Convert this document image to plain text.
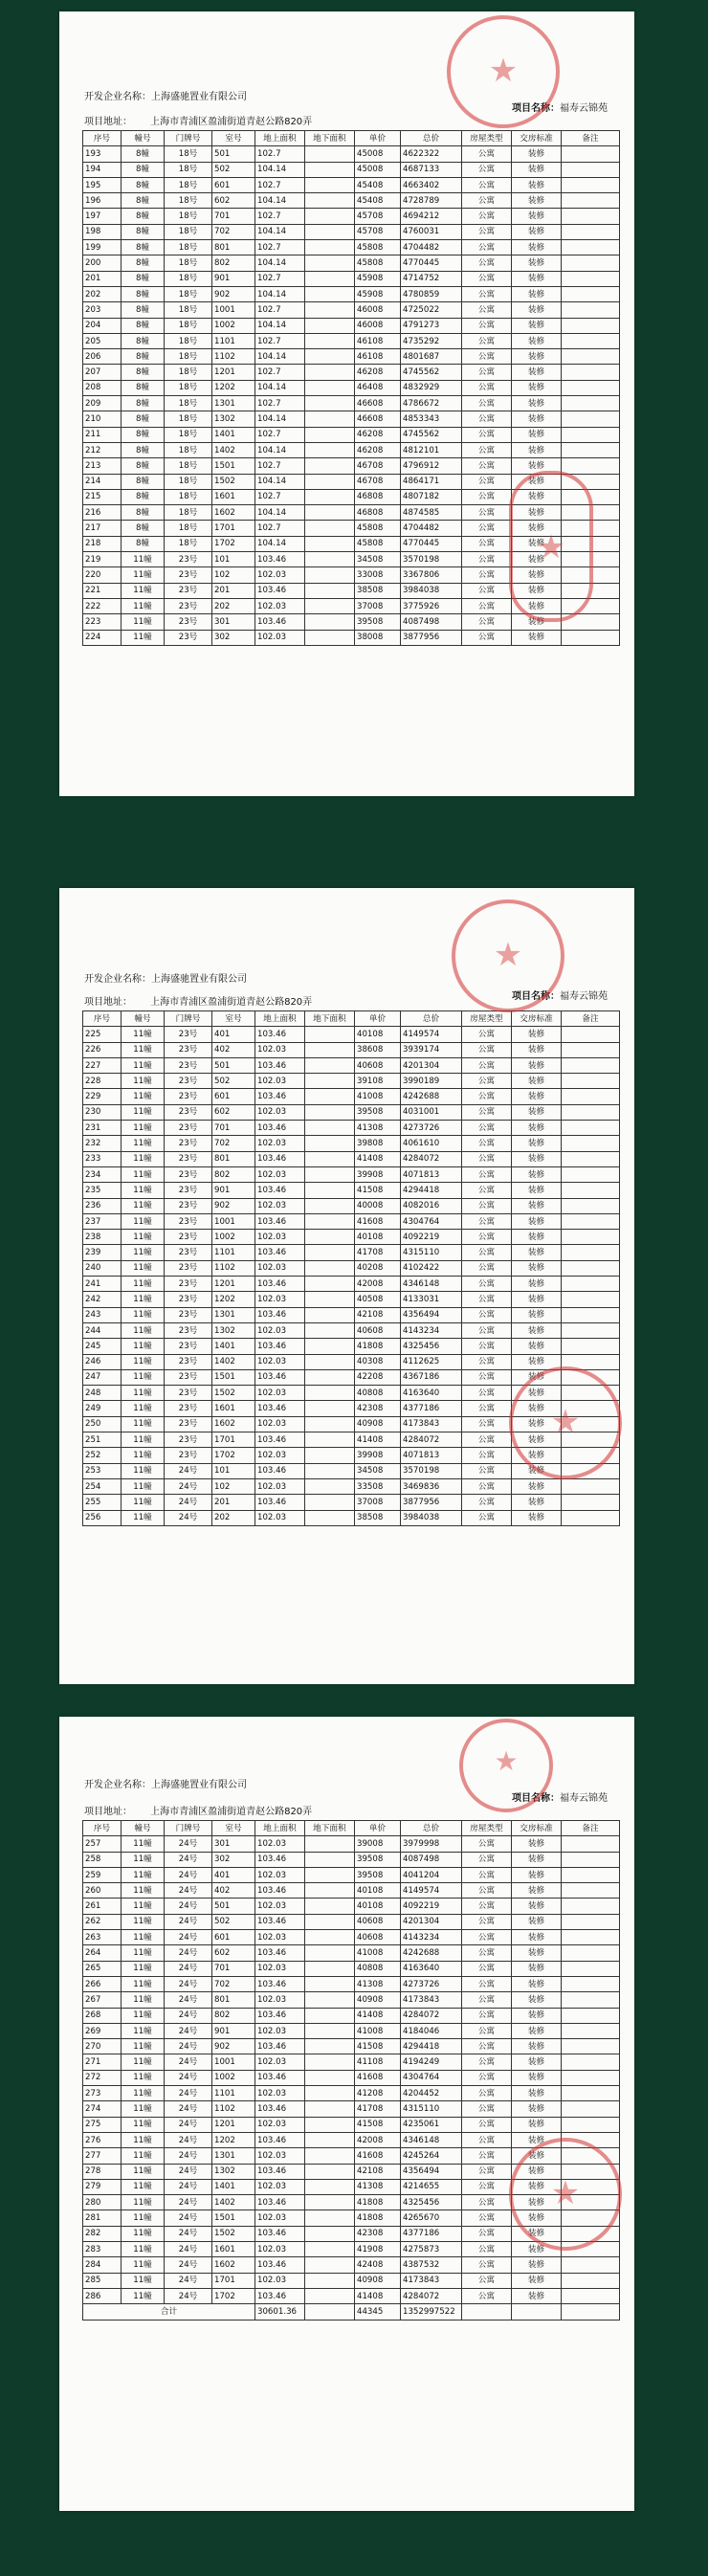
开发企业名称：上海盛驰置业有限公司
项目名称：福寿云锦苑
项目地址： 上海市青浦区盈浦街道青赵公路820弄
序号	幢号	门牌号	室号	地上面积	地下面积	单价	总价	房屋类型	交房标准	备注
193	8幢	18号	501	102.7		45008	4622322	公寓	装修	
194	8幢	18号	502	104.14		45008	4687133	公寓	装修	
195	8幢	18号	601	102.7		45408	4663402	公寓	装修	
196	8幢	18号	602	104.14		45408	4728789	公寓	装修	
197	8幢	18号	701	102.7		45708	4694212	公寓	装修	
198	8幢	18号	702	104.14		45708	4760031	公寓	装修	
199	8幢	18号	801	102.7		45808	4704482	公寓	装修	
200	8幢	18号	802	104.14		45808	4770445	公寓	装修	
201	8幢	18号	901	102.7		45908	4714752	公寓	装修	
202	8幢	18号	902	104.14		45908	4780859	公寓	装修	
203	8幢	18号	1001	102.7		46008	4725022	公寓	装修	
204	8幢	18号	1002	104.14		46008	4791273	公寓	装修	
205	8幢	18号	1101	102.7		46108	4735292	公寓	装修	
206	8幢	18号	1102	104.14		46108	4801687	公寓	装修	
207	8幢	18号	1201	102.7		46208	4745562	公寓	装修	
208	8幢	18号	1202	104.14		46408	4832929	公寓	装修	
209	8幢	18号	1301	102.7		46608	4786672	公寓	装修	
210	8幢	18号	1302	104.14		46608	4853343	公寓	装修	
211	8幢	18号	1401	102.7		46208	4745562	公寓	装修	
212	8幢	18号	1402	104.14		46208	4812101	公寓	装修	
213	8幢	18号	1501	102.7		46708	4796912	公寓	装修	
214	8幢	18号	1502	104.14		46708	4864171	公寓	装修	
215	8幢	18号	1601	102.7		46808	4807182	公寓	装修	
216	8幢	18号	1602	104.14		46808	4874585	公寓	装修	
217	8幢	18号	1701	102.7		45808	4704482	公寓	装修	
218	8幢	18号	1702	104.14		45808	4770445	公寓	装修	
219	11幢	23号	101	103.46		34508	3570198	公寓	装修	
220	11幢	23号	102	102.03		33008	3367806	公寓	装修	
221	11幢	23号	201	103.46		38508	3984038	公寓	装修	
222	11幢	23号	202	102.03		37008	3775926	公寓	装修	
223	11幢	23号	301	103.46		39508	4087498	公寓	装修	
224	11幢	23号	302	102.03		38008	3877956	公寓	装修	
★
★
开发企业名称：上海盛驰置业有限公司
项目名称：福寿云锦苑
项目地址： 上海市青浦区盈浦街道青赵公路820弄
序号	幢号	门牌号	室号	地上面积	地下面积	单价	总价	房屋类型	交房标准	备注
225	11幢	23号	401	103.46		40108	4149574	公寓	装修	
226	11幢	23号	402	102.03		38608	3939174	公寓	装修	
227	11幢	23号	501	103.46		40608	4201304	公寓	装修	
228	11幢	23号	502	102.03		39108	3990189	公寓	装修	
229	11幢	23号	601	103.46		41008	4242688	公寓	装修	
230	11幢	23号	602	102.03		39508	4031001	公寓	装修	
231	11幢	23号	701	103.46		41308	4273726	公寓	装修	
232	11幢	23号	702	102.03		39808	4061610	公寓	装修	
233	11幢	23号	801	103.46		41408	4284072	公寓	装修	
234	11幢	23号	802	102.03		39908	4071813	公寓	装修	
235	11幢	23号	901	103.46		41508	4294418	公寓	装修	
236	11幢	23号	902	102.03		40008	4082016	公寓	装修	
237	11幢	23号	1001	103.46		41608	4304764	公寓	装修	
238	11幢	23号	1002	102.03		40108	4092219	公寓	装修	
239	11幢	23号	1101	103.46		41708	4315110	公寓	装修	
240	11幢	23号	1102	102.03		40208	4102422	公寓	装修	
241	11幢	23号	1201	103.46		42008	4346148	公寓	装修	
242	11幢	23号	1202	102.03		40508	4133031	公寓	装修	
243	11幢	23号	1301	103.46		42108	4356494	公寓	装修	
244	11幢	23号	1302	102.03		40608	4143234	公寓	装修	
245	11幢	23号	1401	103.46		41808	4325456	公寓	装修	
246	11幢	23号	1402	102.03		40308	4112625	公寓	装修	
247	11幢	23号	1501	103.46		42208	4367186	公寓	装修	
248	11幢	23号	1502	102.03		40808	4163640	公寓	装修	
249	11幢	23号	1601	103.46		42308	4377186	公寓	装修	
250	11幢	23号	1602	102.03		40908	4173843	公寓	装修	
251	11幢	23号	1701	103.46		41408	4284072	公寓	装修	
252	11幢	23号	1702	102.03		39908	4071813	公寓	装修	
253	11幢	24号	101	103.46		34508	3570198	公寓	装修	
254	11幢	24号	102	102.03		33508	3469836	公寓	装修	
255	11幢	24号	201	103.46		37008	3877956	公寓	装修	
256	11幢	24号	202	102.03		38508	3984038	公寓	装修	
★
★
开发企业名称：上海盛驰置业有限公司
项目名称：福寿云锦苑
项目地址： 上海市青浦区盈浦街道青赵公路820弄
序号	幢号	门牌号	室号	地上面积	地下面积	单价	总价	房屋类型	交房标准	备注
257	11幢	24号	301	102.03		39008	3979998	公寓	装修	
258	11幢	24号	302	103.46		39508	4087498	公寓	装修	
259	11幢	24号	401	102.03		39508	4041204	公寓	装修	
260	11幢	24号	402	103.46		40108	4149574	公寓	装修	
261	11幢	24号	501	102.03		40108	4092219	公寓	装修	
262	11幢	24号	502	103.46		40608	4201304	公寓	装修	
263	11幢	24号	601	102.03		40608	4143234	公寓	装修	
264	11幢	24号	602	103.46		41008	4242688	公寓	装修	
265	11幢	24号	701	102.03		40808	4163640	公寓	装修	
266	11幢	24号	702	103.46		41308	4273726	公寓	装修	
267	11幢	24号	801	102.03		40908	4173843	公寓	装修	
268	11幢	24号	802	103.46		41408	4284072	公寓	装修	
269	11幢	24号	901	102.03		41008	4184046	公寓	装修	
270	11幢	24号	902	103.46		41508	4294418	公寓	装修	
271	11幢	24号	1001	102.03		41108	4194249	公寓	装修	
272	11幢	24号	1002	103.46		41608	4304764	公寓	装修	
273	11幢	24号	1101	102.03		41208	4204452	公寓	装修	
274	11幢	24号	1102	103.46		41708	4315110	公寓	装修	
275	11幢	24号	1201	102.03		41508	4235061	公寓	装修	
276	11幢	24号	1202	103.46		42008	4346148	公寓	装修	
277	11幢	24号	1301	102.03		41608	4245264	公寓	装修	
278	11幢	24号	1302	103.46		42108	4356494	公寓	装修	
279	11幢	24号	1401	102.03		41308	4214655	公寓	装修	
280	11幢	24号	1402	103.46		41808	4325456	公寓	装修	
281	11幢	24号	1501	102.03		41808	4265670	公寓	装修	
282	11幢	24号	1502	103.46		42308	4377186	公寓	装修	
283	11幢	24号	1601	102.03		41908	4275873	公寓	装修	
284	11幢	24号	1602	103.46		42408	4387532	公寓	装修	
285	11幢	24号	1701	102.03		40908	4173843	公寓	装修	
286	11幢	24号	1702	103.46		41408	4284072	公寓	装修	
合计				30601.36		44345	1352997522			
★
★
